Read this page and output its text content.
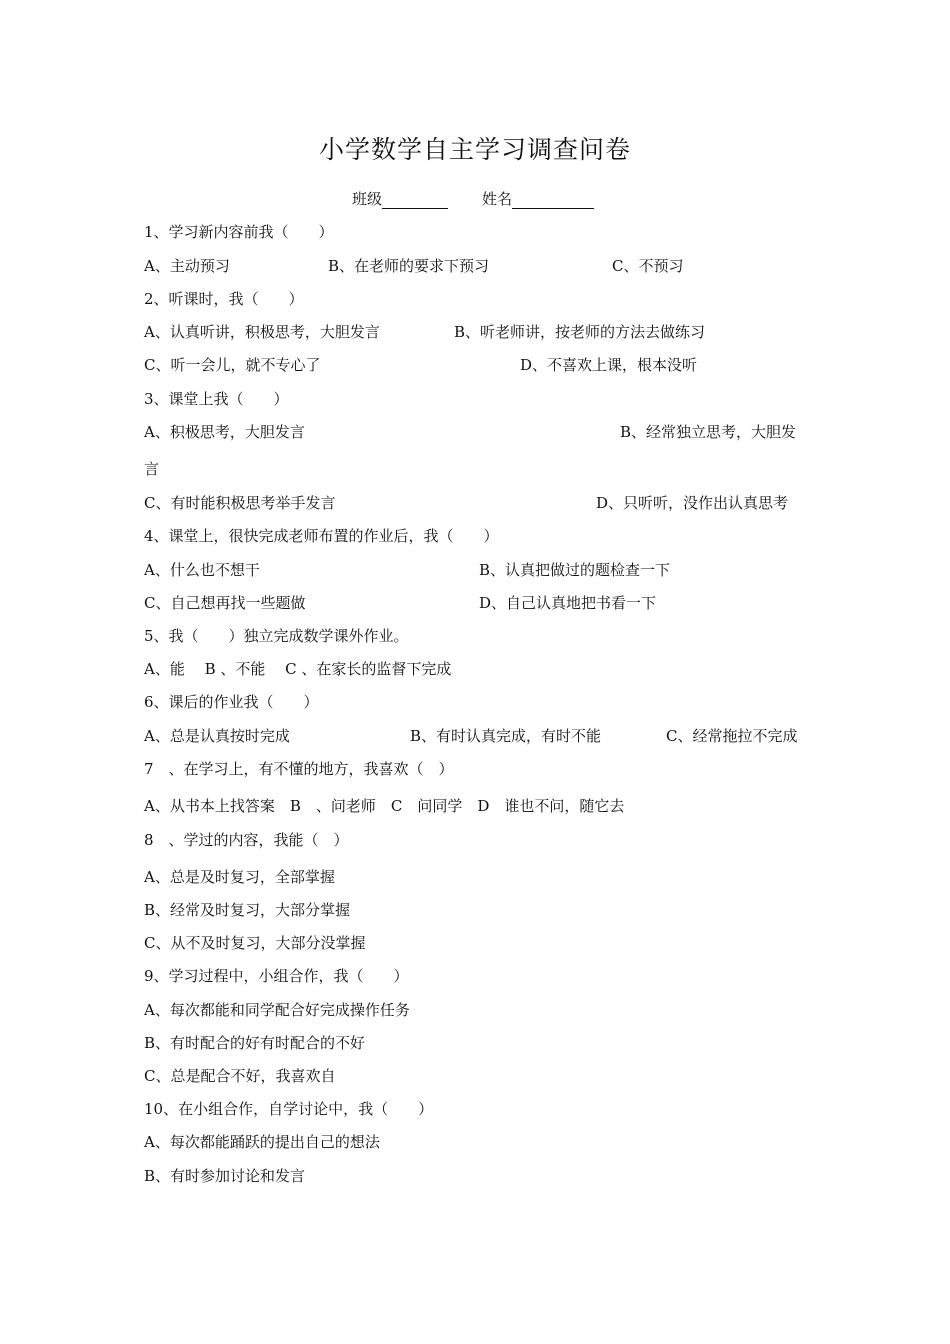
小学数学自主学习调查问卷
班级	姓名
1、学习新内容前我（　　）
A、主动预习	B、在老师的要求下预习	C、不预习
2、听课时，我（　　）
A、认真听讲，积极思考，大胆发言	B、听老师讲，按老师的方法去做练习
C、听一会儿，就不专心了	D、不喜欢上课，根本没听
3、课堂上我（　　）
A、积极思考，大胆发言	B、经常独立思考，大胆发
言
C、有时能积极思考举手发言	D、只听听，没作出认真思考
4、课堂上，很快完成老师布置的作业后，我（　　）
A、什么也不想干	B、认真把做过的题检查一下
C、自己想再找一些题做	D、自己认真地把书看一下
5、我（　　）独立完成数学课外作业。
A、能　 B 、不能　 C 、在家长的监督下完成
6、课后的作业我（　　）
A、总是认真按时完成	B、有时认真完成，有时不能	C、经常拖拉不完成
7　、在学习上，有不懂的地方，我喜欢（　）
A、从书本上找答案　B　、问老师　C　问同学　D　谁也不问，随它去
8　、学过的内容，我能（　）
A、总是及时复习，全部掌握
B、经常及时复习，大部分掌握
C、从不及时复习，大部分没掌握
9、学习过程中，小组合作，我（　　）
A、每次都能和同学配合好完成操作任务
B、有时配合的好有时配合的不好
C、总是配合不好，我喜欢自
10、在小组合作，自学讨论中，我（　　）
A、每次都能踊跃的提出自己的想法
B、有时参加讨论和发言
